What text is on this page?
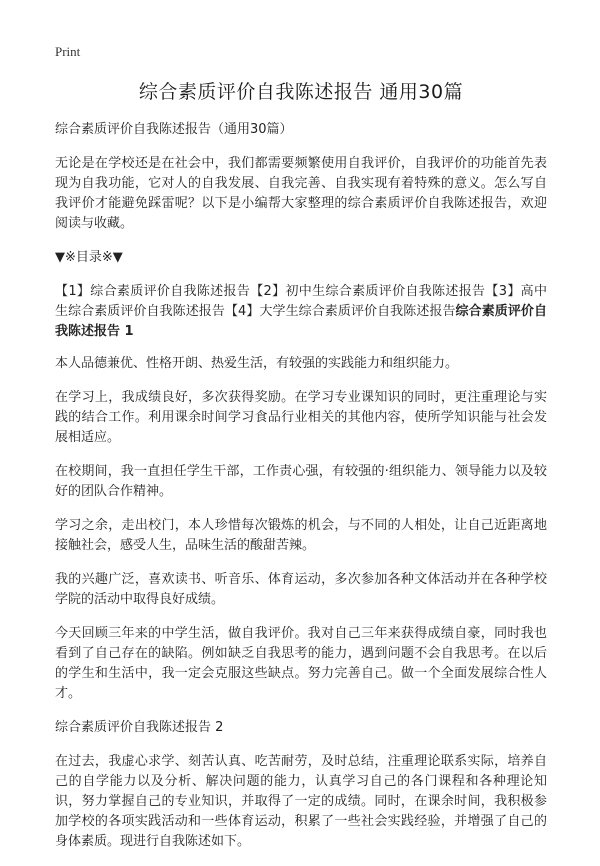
Print
综合素质评价自我陈述报告 通用30篇

综合素质评价自我陈述报告（通用30篇）

无论是在学校还是在社会中，我们都需要频繁使用自我评价，自我评价的功能首先表现为自我功能，它对人的自我发展、自我完善、自我实现有着特殊的意义。怎么写自我评价才能避免踩雷呢？以下是小编帮大家整理的综合素质评价自我陈述报告，欢迎阅读与收藏。

▼※目录※▼

【1】综合素质评价自我陈述报告【2】初中生综合素质评价自我陈述报告【3】高中生综合素质评价自我陈述报告【4】大学生综合素质评价自我陈述报告综合素质评价自我陈述报告 1

本人品德兼优、性格开朗、热爱生活，有较强的实践能力和组织能力。

在学习上，我成绩良好，多次获得奖励。在学习专业课知识的同时，更注重理论与实践的结合工作。利用课余时间学习食品行业相关的其他内容，使所学知识能与社会发展相适应。

在校期间，我一直担任学生干部，工作责心强，有较强的·组织能力、领导能力以及较好的团队合作精神。

学习之余，走出校门，本人珍惜每次锻炼的机会，与不同的人相处，让自己近距离地接触社会，感受人生，品味生活的酸甜苦辣。

我的兴趣广泛，喜欢读书、听音乐、体育运动，多次参加各种文体活动并在各种学校学院的活动中取得良好成绩。

今天回顾三年来的中学生活，做自我评价。我对自己三年来获得成绩自豪，同时我也看到了自己存在的缺陷。例如缺乏自我思考的能力，遇到问题不会自我思考。在以后的学生和生活中，我一定会克服这些缺点。努力完善自己。做一个全面发展综合性人才。

综合素质评价自我陈述报告 2

在过去，我虚心求学、刻苦认真、吃苦耐劳，及时总结，注重理论联系实际，培养自己的自学能力以及分析、解决问题的能力，认真学习自己的各门课程和各种理论知识，努力掌握自己的专业知识，并取得了一定的成绩。同时，在课余时间，我积极参加学校的各项实践活动和一些体育运动，积累了一些社会实践经验，并增强了自己的身体素质。现进行自我陈述如下。
